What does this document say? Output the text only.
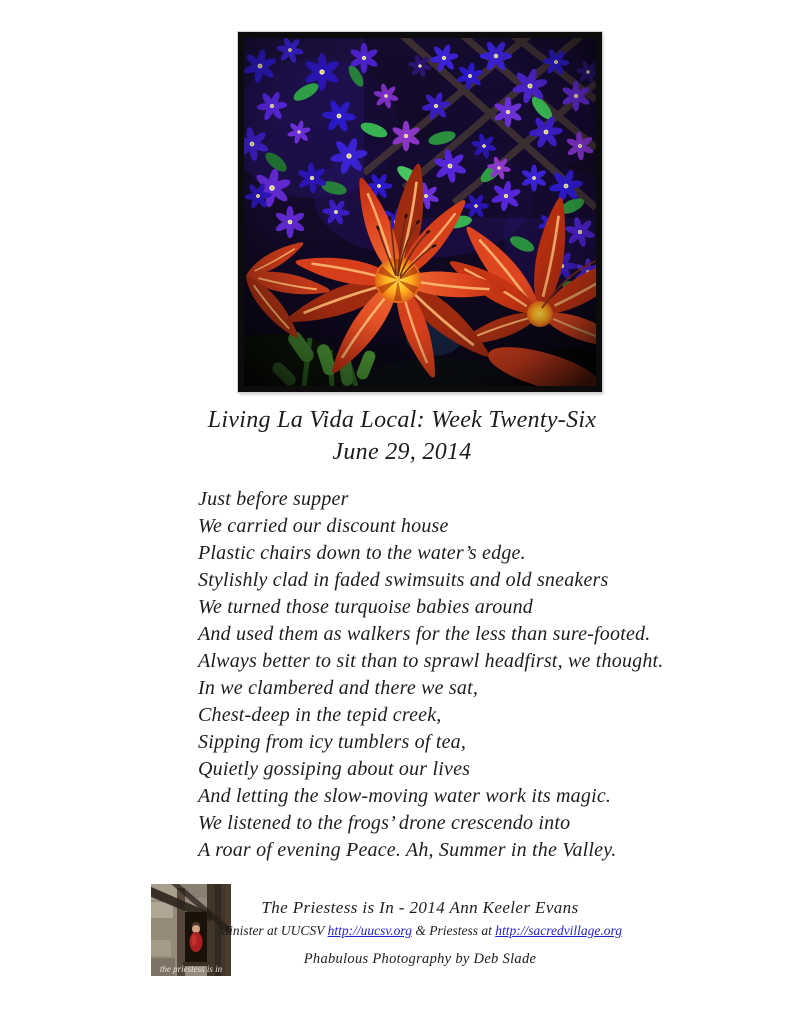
Living La Vida Local: Week Twenty-Six
June 29, 2014
Just before supper
We carried our discount house
Plastic chairs down to the water’s edge.
Stylishly clad in faded swimsuits and old sneakers
We turned those turquoise babies around
And used them as walkers for the less than sure-footed.
Always better to sit than to sprawl headfirst, we thought.
In we clambered and there we sat,
Chest-deep in the tepid creek,
Sipping from icy tumblers of tea,
Quietly gossiping about our lives
And letting the slow-moving water work its magic.
We listened to the frogs’ drone crescendo into
A roar of evening Peace. Ah, Summer in the Valley.
the priestess is in
The Priestess is In - 2014 Ann Keeler Evans
Minister at UUCSV http://uucsv.org & Priestess at http://sacredvillage.org
Phabulous Photography by Deb Slade
